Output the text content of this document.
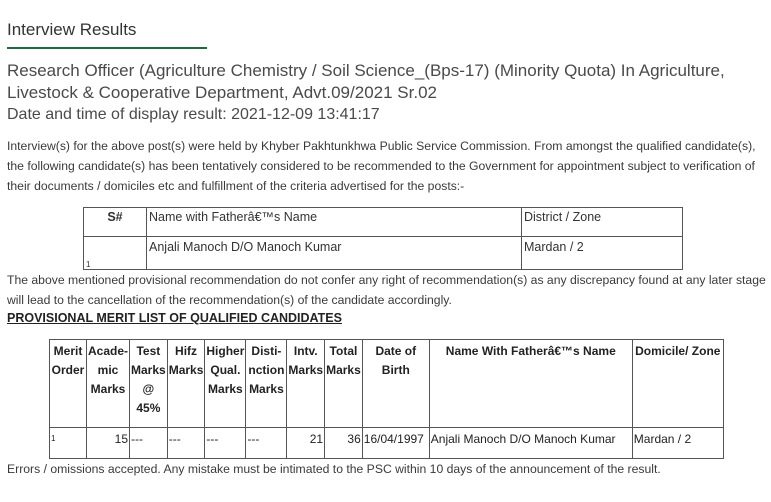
Interview Results
Research Officer (Agriculture Chemistry / Soil Science_(Bps-17) (Minority Quota) In Agriculture, Livestock & Cooperative Department, Advt.09/2021 Sr.02
Date and time of display result: 2021-12-09 13:41:17
Interview(s) for the above post(s) were held by Khyber Pakhtunkhwa Public Service Commission. From amongst the qualified candidate(s), the following candidate(s) has been tentatively considered to be recommended to the Government for appointment subject to verification of their documents / domiciles etc and fulfillment of the criteria advertised for the posts:-
S#	Name with Fatherâ€™s Name	District / Zone
1	Anjali Manoch D/O Manoch Kumar	Mardan / 2
The above mentioned provisional recommendation do not confer any right of recommendation(s) as any discrepancy found at any later stage will lead to the cancellation of the recommendation(s) of the candidate accordingly.
PROVISIONAL MERIT LIST OF QUALIFIED CANDIDATES
Merit Order	Acade- mic Marks	Test Marks @ 45%	Hifz Marks	Higher Qual. Marks	Disti- nction Marks	Intv. Marks	Total Marks	Date of Birth	Name With Fatherâ€™s Name	Domicile/ Zone
1	15	---	---	---	---	21	36	16/04/1997	Anjali Manoch D/O Manoch Kumar	Mardan / 2
Errors / omissions accepted. Any mistake must be intimated to the PSC within 10 days of the announcement of the result.
